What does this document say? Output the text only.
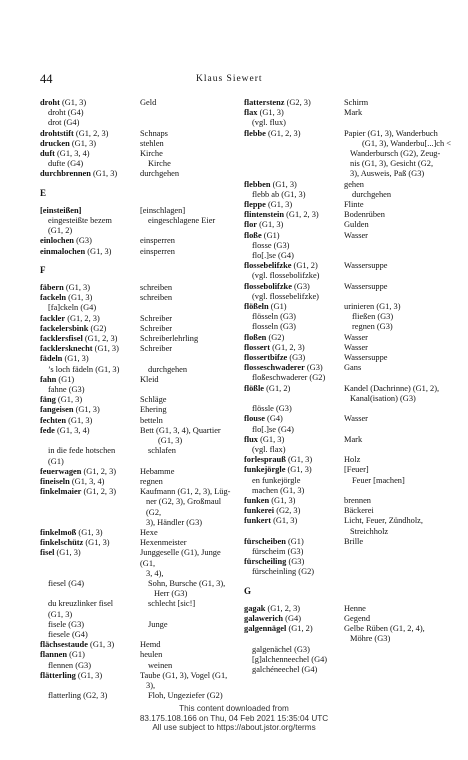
44	Klaus Siewert
droht (G1, 3)	Geld
droht (G4)
drot (G4)
drohtstift (G1, 2, 3)	Schnaps
drucken (G1, 3)	stehlen
duft (G1, 3, 4)	Kirche
dufte (G4)	Kirche
durchbrennen (G1, 3)	durchgehen
E
[einsteißen]	[einschlagen]
eingesteißte bezem	eingeschlagene Eier
(G1, 2)
einlochen (G3)	einsperren
einmalochen (G1, 3)	einsperren
F
fäbern (G1, 3)	schreiben
fackeln (G1, 3)	schreiben
[fa]ckeln (G4)
fackler (G1, 2, 3)	Schreiber
fackelersbink (G2)	Schreiber
facklersfisel (G1, 2, 3)	Schreiberlehrling
facklersknecht (G1, 3)	Schreiber
fädeln (G1, 3)
’s loch fädeln (G1, 3)	durchgehen
fahn (G1)	Kleid
fahne (G3)
fäng (G1, 3)	Schläge
fangeisen (G1, 3)	Ehering
fechten (G1, 3)	betteln
fede (G1, 3, 4)	Bett (G1, 3, 4), Quartier
(G1, 3)
in die fede hotschen	schlafen
(G1)
feuerwagen (G1, 2, 3)	Hebamme
fineiseln (G1, 3, 4)	regnen
finkelmaier (G1, 2, 3)	Kaufmann (G1, 2, 3), Lüg-
ner (G2, 3), Großmaul (G2,
3), Händler (G3)
finkelmoß (G1, 3)	Hexe
finkelschütz (G1, 3)	Hexenmeister
fisel (G1, 3)	Junggeselle (G1), Junge (G1,
3, 4),
fiesel (G4)	Sohn, Bursche (G1, 3),
Herr (G3)
du kreuzlinker fisel	schlecht [sic!]
(G1, 3)
fisele (G3)	Junge
fiesele (G4)
flächsestaude (G1, 3)	Hemd
flannen (G1)	heulen
flennen (G3)	weinen
flätterling (G1, 3)	Taube (G1, 3), Vogel (G1,
3),
flatterling (G2, 3)	Floh, Ungeziefer (G2)
flatterstenz (G2, 3)	Schirm
flax (G1, 3)	Mark
(vgl. flux)
flebbe (G1, 2, 3)	Papier (G1, 3), Wanderbuch
(G1, 3), Wanderbu[...]ch <
Wanderbursch (G2), Zeug-
nis (G1, 3), Gesicht (G2,
3), Ausweis, Paß (G3)
flebben (G1, 3)	gehen
flebb ab (G1, 3)	durchgehen
fleppe (G1, 3)	Flinte
flintenstein (G1, 2, 3)	Bodenrüben
flor (G1, 3)	Gulden
floße (G1)	Wasser
flosse (G3)
flo[.]se (G4)
flossebelifzke (G1, 2)	Wassersuppe
(vgl. flossebolifzke)
flossebolifzke (G3)	Wassersuppe
(vgl. flossebelifzke)
flößeln (G1)	urinieren (G1, 3)
flösseln (G3)	fließen (G3)
flosseln (G3)	regnen (G3)
floßen (G2)	Wasser
flossert (G1, 2, 3)	Wasser
flossertbifze (G3)	Wassersuppe
flosseschwaderer (G3)	Gans
floßeschwaderer (G2)
flößle (G1, 2)	Kandel (Dachrinne) (G1, 2),
Kanal(isation) (G3)
flössle (G3)
flouse (G4)	Wasser
flo[.]se (G4)
flux (G1, 3)	Mark
(vgl. flax)
forlesprauß (G1, 3)	Holz
funkejörgle (G1, 3)	[Feuer]
en funkejörgle	Feuer [machen]
machen (G1, 3)
funken (G1, 3)	brennen
funkerei (G2, 3)	Bäckerei
funkert (G1, 3)	Licht, Feuer, Zündholz,
Streichholz
fürscheiben (G1)	Brille
fürscheim (G3)
fürscheiling (G3)
fürscheinling (G2)
G
gagak (G1, 2, 3)	Henne
galawerich (G4)	Gegend
galgennägel (G1, 2)	Gelbe Rüben (G1, 2, 4),
Möhre (G3)
galgenächel (G3)
[g]alchenneechel (G4)
galchéneechel (G4)
This content downloaded from
83.175.108.166 on Thu, 04 Feb 2021 15:35:04 UTC
All use subject to https://about.jstor.org/terms
